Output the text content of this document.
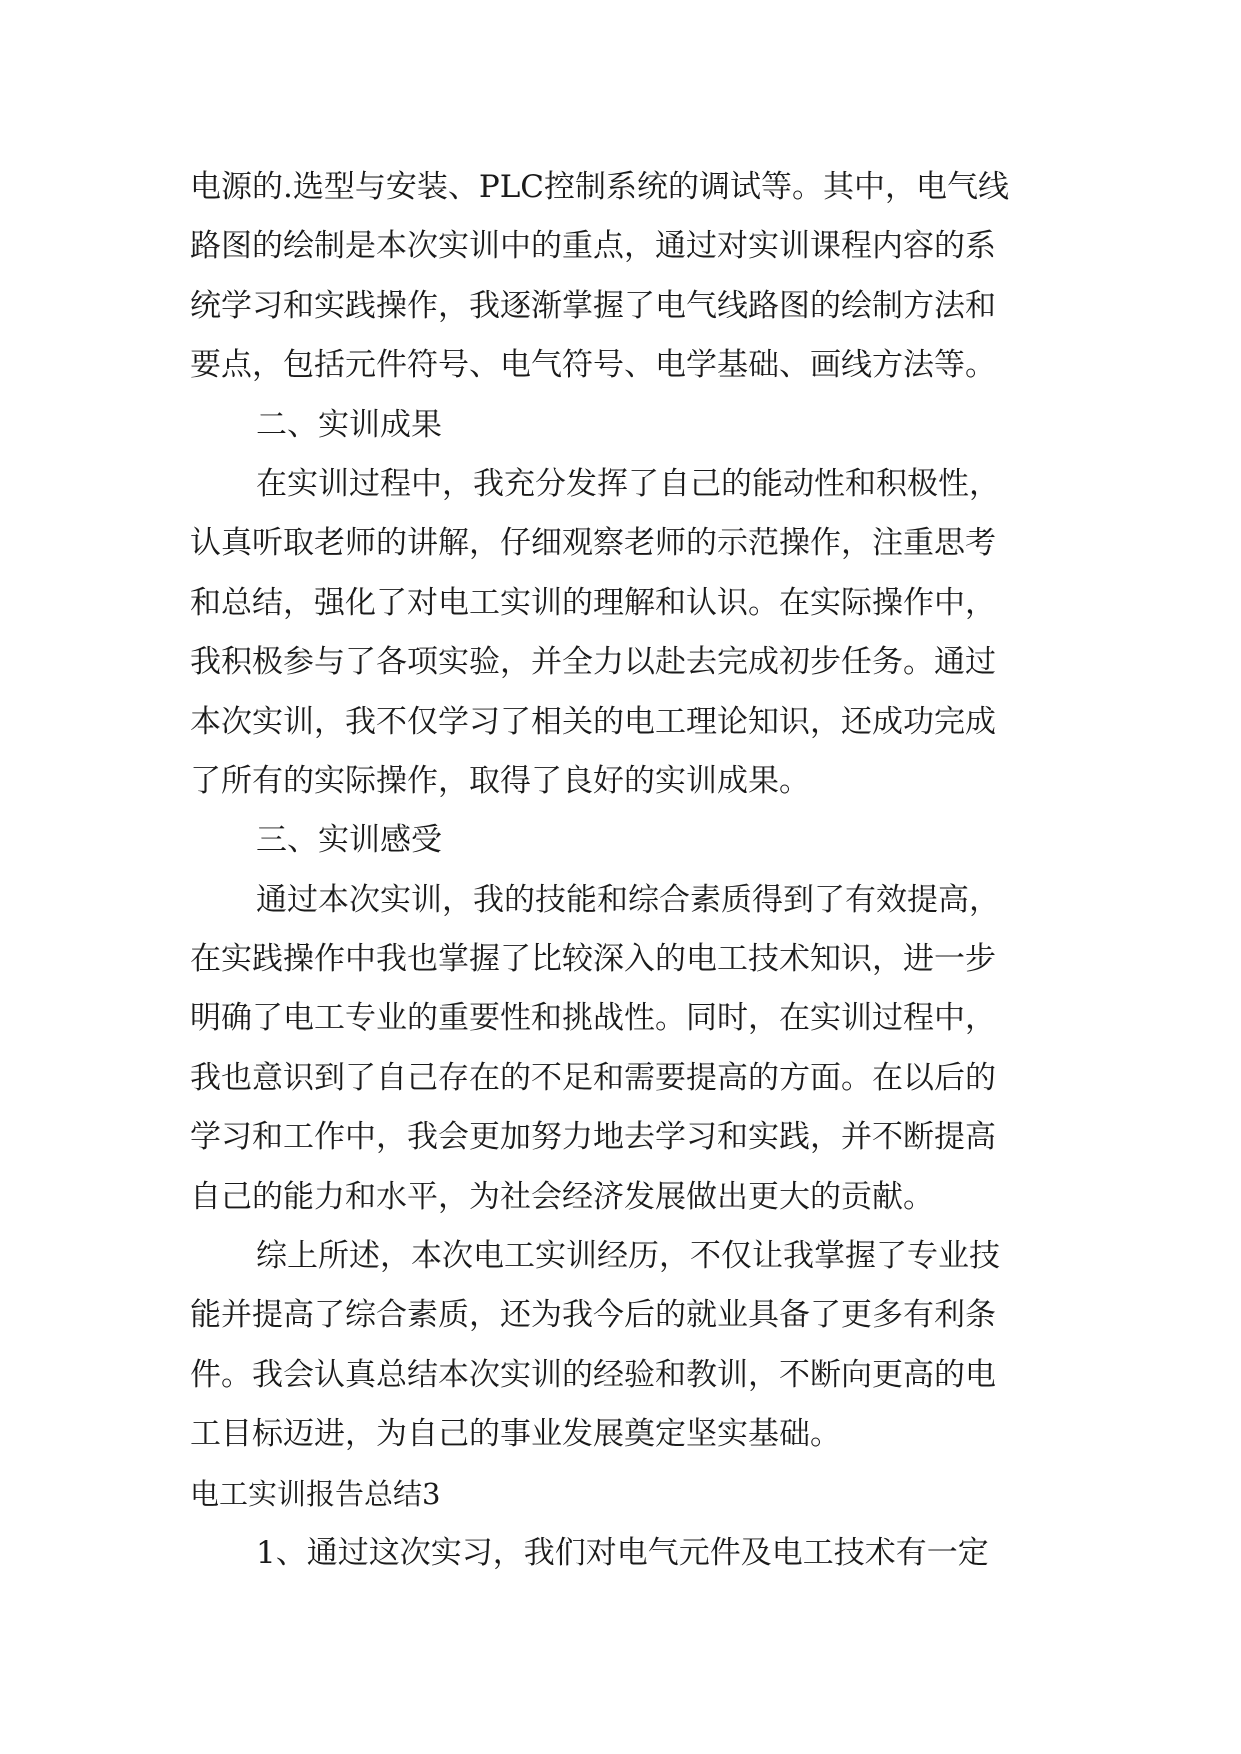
电源的.选型与安装、PLC控制系统的调试等。其中，电气线
路图的绘制是本次实训中的重点，通过对实训课程内容的系
统学习和实践操作，我逐渐掌握了电气线路图的绘制方法和
要点，包括元件符号、电气符号、电学基础、画线方法等。
二、实训成果
在实训过程中，我充分发挥了自己的能动性和积极性，
认真听取老师的讲解，仔细观察老师的示范操作，注重思考
和总结，强化了对电工实训的理解和认识。在实际操作中，
我积极参与了各项实验，并全力以赴去完成初步任务。通过
本次实训，我不仅学习了相关的电工理论知识，还成功完成
了所有的实际操作，取得了良好的实训成果。
三、实训感受
通过本次实训，我的技能和综合素质得到了有效提高，
在实践操作中我也掌握了比较深入的电工技术知识，进一步
明确了电工专业的重要性和挑战性。同时，在实训过程中，
我也意识到了自己存在的不足和需要提高的方面。在以后的
学习和工作中，我会更加努力地去学习和实践，并不断提高
自己的能力和水平，为社会经济发展做出更大的贡献。
综上所述，本次电工实训经历，不仅让我掌握了专业技
能并提高了综合素质，还为我今后的就业具备了更多有利条
件。我会认真总结本次实训的经验和教训，不断向更高的电
工目标迈进，为自己的事业发展奠定坚实基础。
电工实训报告总结3
1、通过这次实习，我们对电气元件及电工技术有一定
